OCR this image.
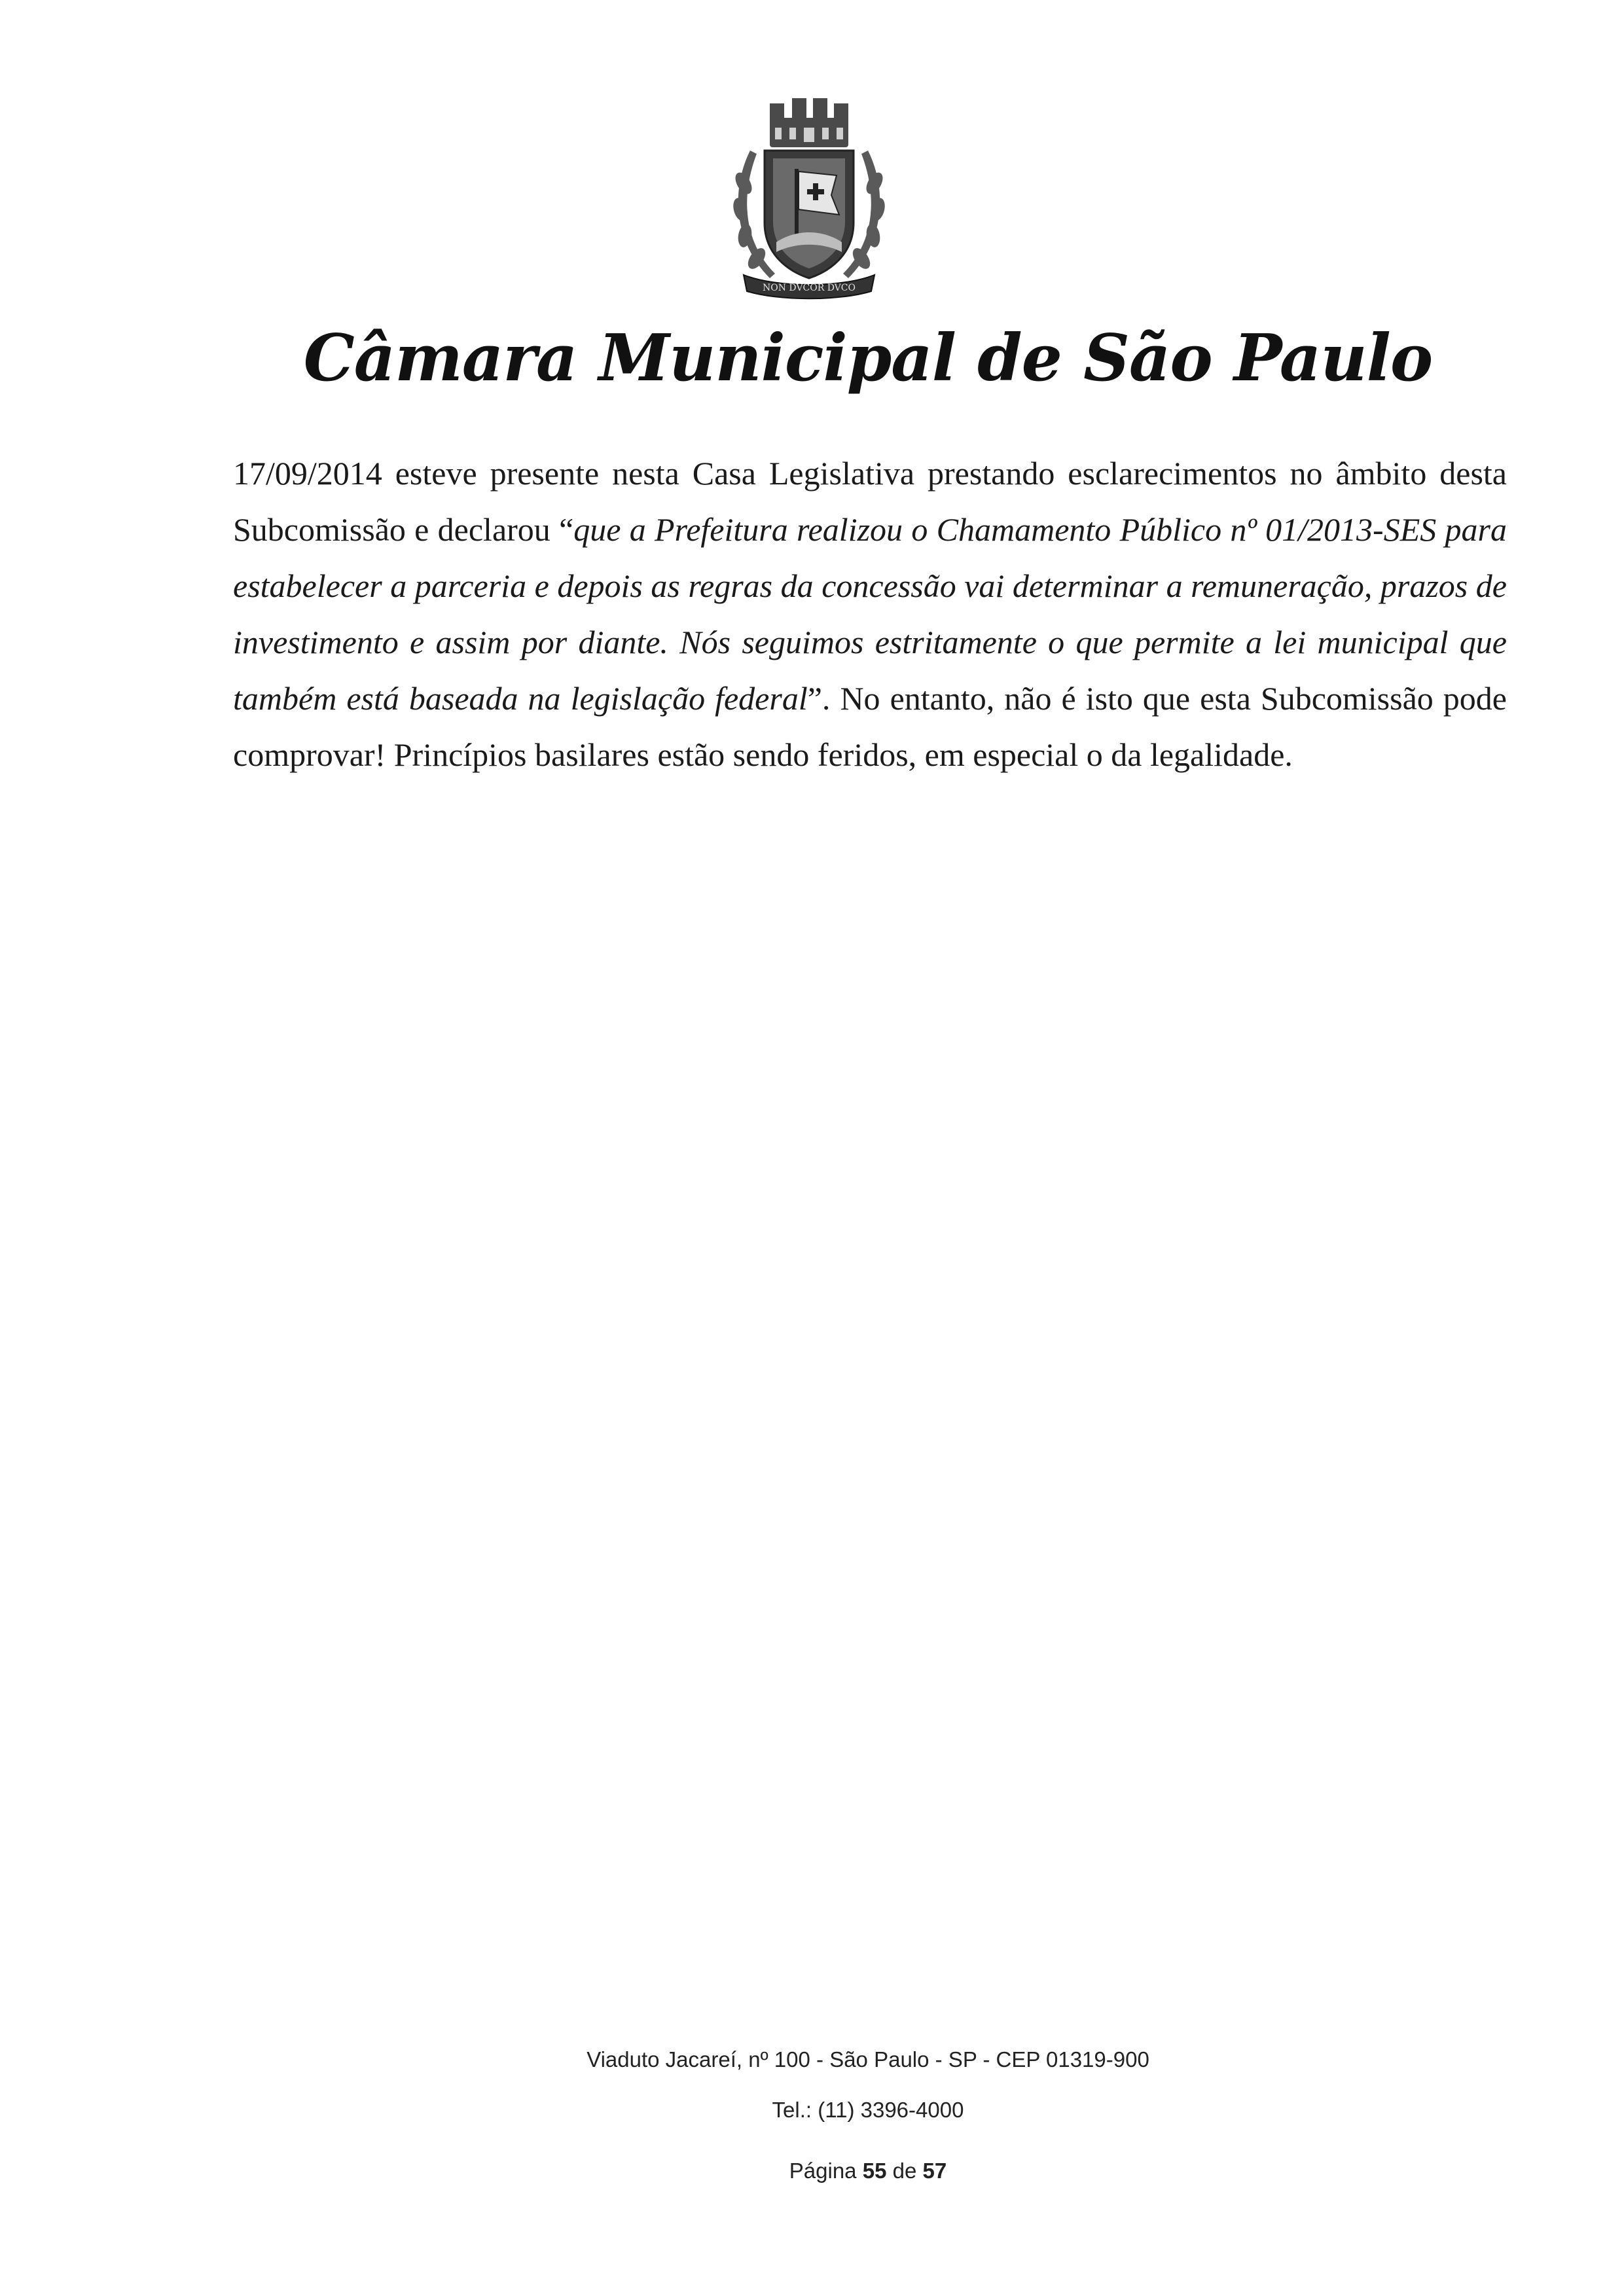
NON DVCOR DVCO
Câmara Municipal de São Paulo

17/09/2014 esteve presente nesta Casa Legislativa prestando esclarecimentos no âmbito desta Subcomissão e declarou “que a Prefeitura realizou o Chamamento Público nº 01/2013-SES para estabelecer a parceria e depois as regras da concessão vai determinar a remuneração, prazos de investimento e assim por diante. Nós seguimos estritamente o que permite a lei municipal que também está baseada na legislação federal”. No entanto, não é isto que esta Subcomissão pode comprovar! Princípios basilares estão sendo feridos, em especial o da legalidade.

Viaduto Jacareí, nº 100 - São Paulo - SP - CEP 01319-900

Tel.: (11) 3396-4000

Página 55 de 57
